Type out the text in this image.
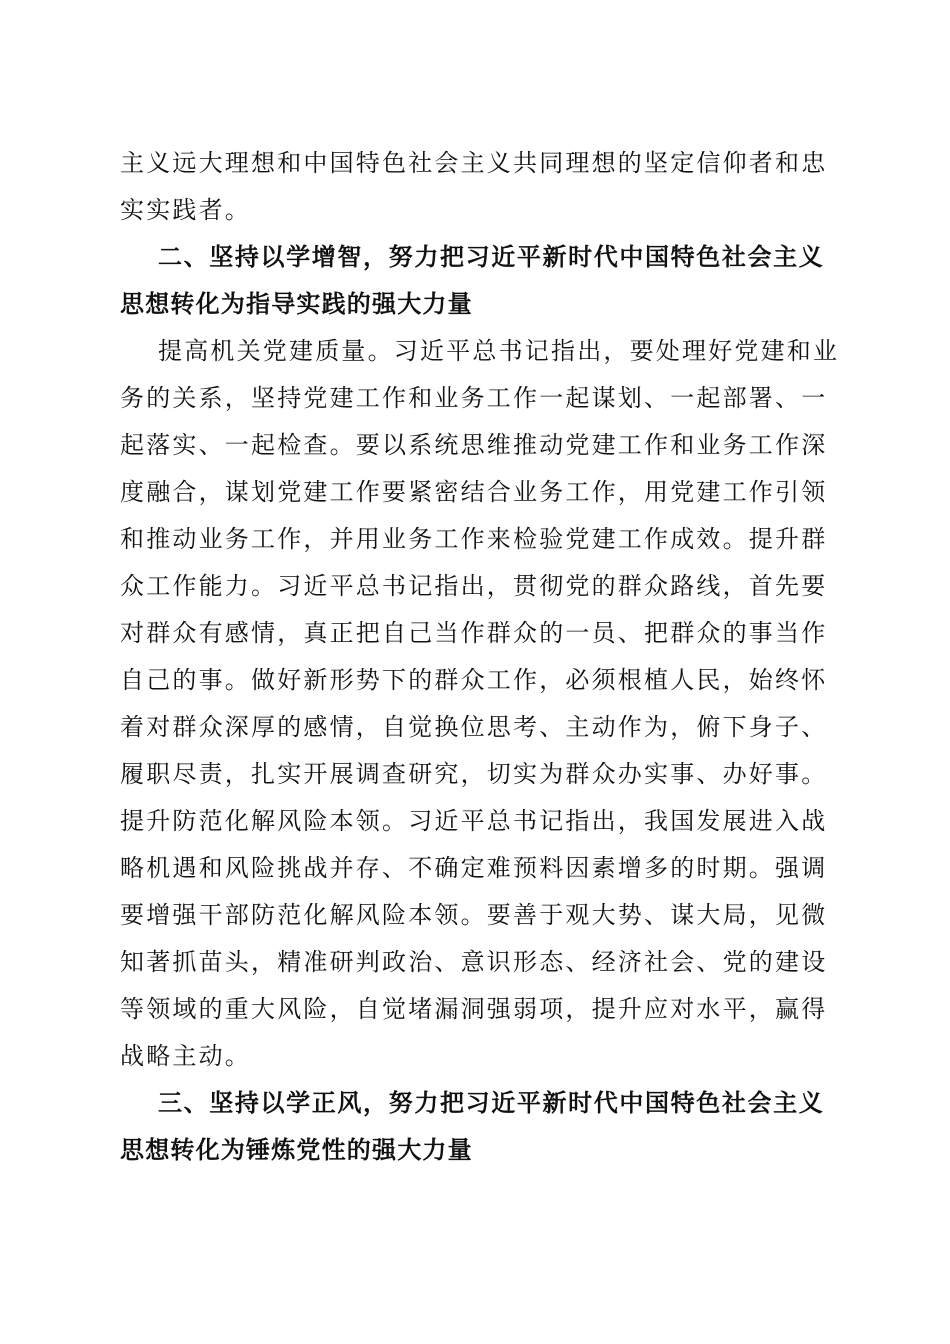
主义远大理想和中国特色社会主义共同理想的坚定信仰者和忠
实实践者。
二、坚持以学增智，努力把习近平新时代中国特色社会主义
思想转化为指导实践的强大力量
提高机关党建质量。习近平总书记指出，要处理好党建和业
务的关系，坚持党建工作和业务工作一起谋划、一起部署、一
起落实、一起检查。要以系统思维推动党建工作和业务工作深
度融合，谋划党建工作要紧密结合业务工作，用党建工作引领
和推动业务工作，并用业务工作来检验党建工作成效。提升群
众工作能力。习近平总书记指出，贯彻党的群众路线，首先要
对群众有感情，真正把自己当作群众的一员、把群众的事当作
自己的事。做好新形势下的群众工作，必须根植人民，始终怀
着对群众深厚的感情，自觉换位思考、主动作为，俯下身子、
履职尽责，扎实开展调查研究，切实为群众办实事、办好事。
提升防范化解风险本领。习近平总书记指出，我国发展进入战
略机遇和风险挑战并存、不确定难预料因素增多的时期。强调
要增强干部防范化解风险本领。要善于观大势、谋大局，见微
知著抓苗头，精准研判政治、意识形态、经济社会、党的建设
等领域的重大风险，自觉堵漏洞强弱项，提升应对水平，赢得
战略主动。
三、坚持以学正风，努力把习近平新时代中国特色社会主义
思想转化为锤炼党性的强大力量
